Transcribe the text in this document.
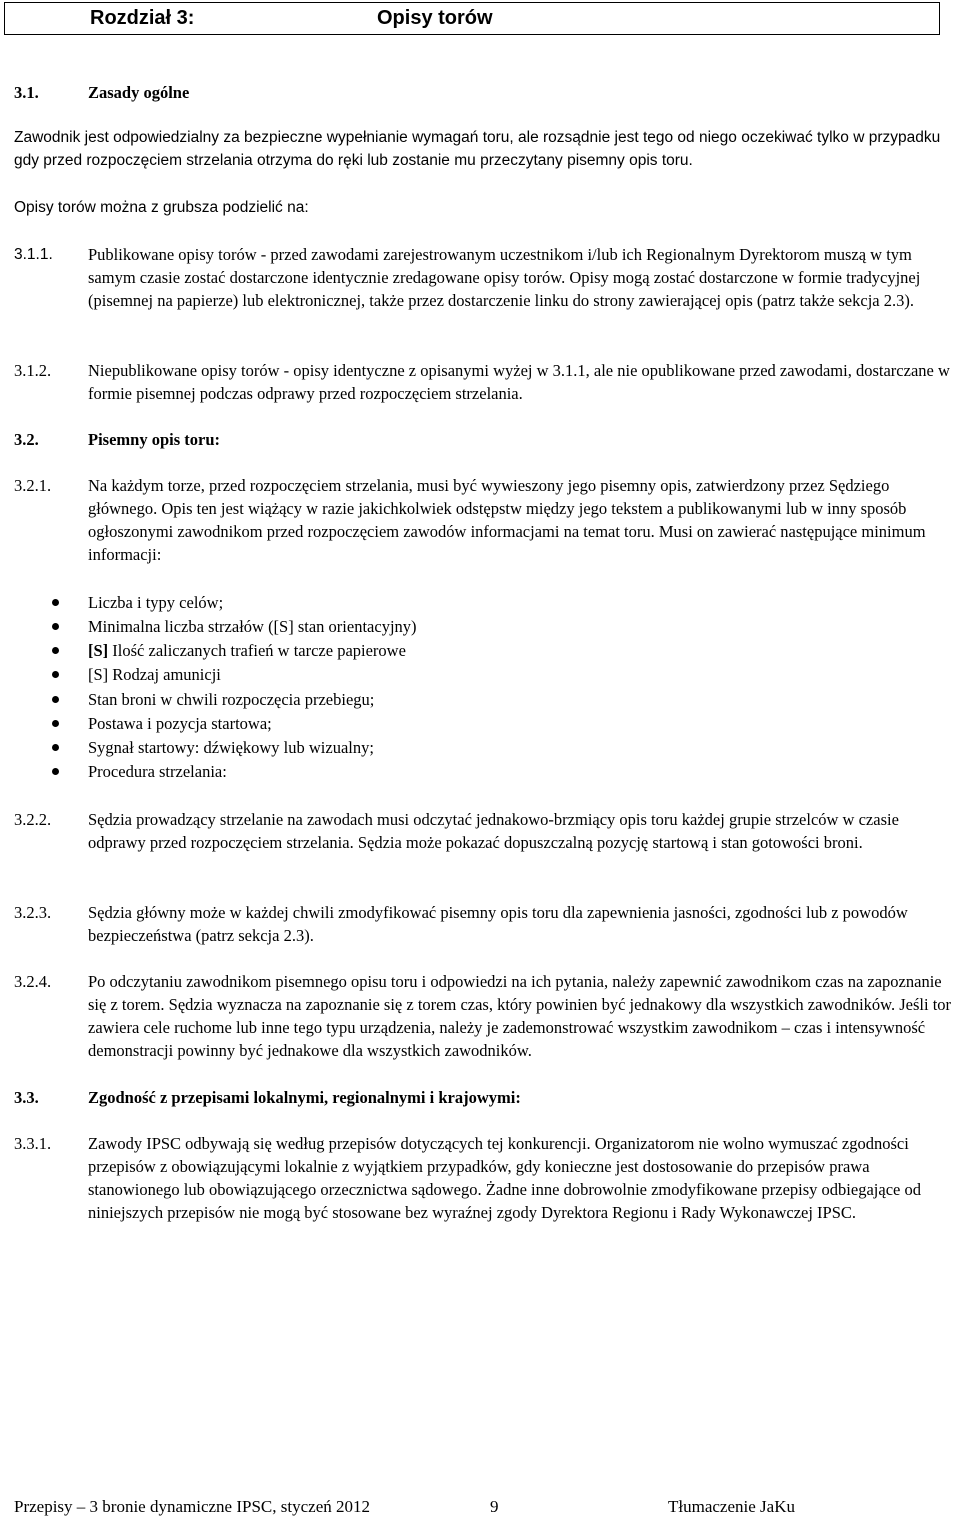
Rozdział 3:	Opisy torów
3.1.	Zasady ogólne
Zawodnik jest odpowiedzialny za bezpieczne wypełnianie wymagań toru, ale rozsądnie jest tego od niego oczekiwać tylko w przypadku gdy przed rozpoczęciem strzelania otrzyma do ręki lub zostanie mu przeczytany pisemny opis toru.
Opisy torów można z grubsza podzielić na:
3.1.1. Publikowane opisy torów - przed zawodami zarejestrowanym uczestnikom i/lub ich Regionalnym Dyrektorom muszą w tym samym czasie zostać dostarczone identycznie zredagowane opisy torów. Opisy mogą zostać dostarczone w formie tradycyjnej (pisemnej na papierze) lub elektronicznej, także przez dostarczenie linku do strony zawierającej opis (patrz także sekcja 2.3).
3.1.2. Niepublikowane opisy torów - opisy identyczne z opisanymi wyżej w 3.1.1, ale nie opublikowane przed zawodami, dostarczane w formie pisemnej podczas odprawy przed rozpoczęciem strzelania.
3.2.	Pisemny opis toru:
3.2.1. Na każdym torze, przed rozpoczęciem strzelania, musi być wywieszony jego pisemny opis, zatwierdzony przez Sędziego głównego. Opis ten jest wiążący w razie jakichkolwiek odstępstw między jego tekstem a publikowanymi lub w inny sposób ogłoszonymi zawodnikom przed rozpoczęciem zawodów informacjami na temat toru. Musi on zawierać następujące minimum informacji:
Liczba i typy celów;
Minimalna liczba strzałów ([S] stan orientacyjny)
[S] Ilość zaliczanych trafień w tarcze papierowe
[S] Rodzaj amunicji
Stan broni w chwili rozpoczęcia przebiegu;
Postawa i pozycja startowa;
Sygnał startowy: dźwiękowy lub wizualny;
Procedura strzelania:
3.2.2. Sędzia prowadzący strzelanie na zawodach musi odczytać jednakowo-brzmiący opis toru każdej grupie strzelców w czasie odprawy przed rozpoczęciem strzelania. Sędzia może pokazać dopuszczalną pozycję startową i stan gotowości broni.
3.2.3. Sędzia główny może w każdej chwili zmodyfikować pisemny opis toru dla zapewnienia jasności, zgodności lub z powodów bezpieczeństwa (patrz sekcja 2.3).
3.2.4. Po odczytaniu zawodnikom pisemnego opisu toru i odpowiedzi na ich pytania, należy zapewnić zawodnikom czas na zapoznanie się z torem. Sędzia wyznacza na zapoznanie się z torem czas, który powinien być jednakowy dla wszystkich zawodników. Jeśli tor zawiera cele ruchome lub inne tego typu urządzenia, należy je zademonstrować wszystkim zawodnikom – czas i intensywność demonstracji powinny być jednakowe dla wszystkich zawodników.
3.3.	Zgodność z przepisami lokalnymi, regionalnymi i krajowymi:
3.3.1. Zawody IPSC odbywają się według przepisów dotyczących tej konkurencji. Organizatorom nie wolno wymuszać zgodności przepisów z obowiązującymi lokalnie z wyjątkiem przypadków, gdy konieczne jest dostosowanie do przepisów prawa stanowionego lub obowiązującego orzecznictwa sądowego. Żadne inne dobrowolnie zmodyfikowane przepisy odbiegające od niniejszych przepisów nie mogą być stosowane bez wyraźnej zgody Dyrektora Regionu i Rady Wykonawczej IPSC.
Przepisy – 3 bronie dynamiczne IPSC, styczeń 2012	9	Tłumaczenie JaKu
